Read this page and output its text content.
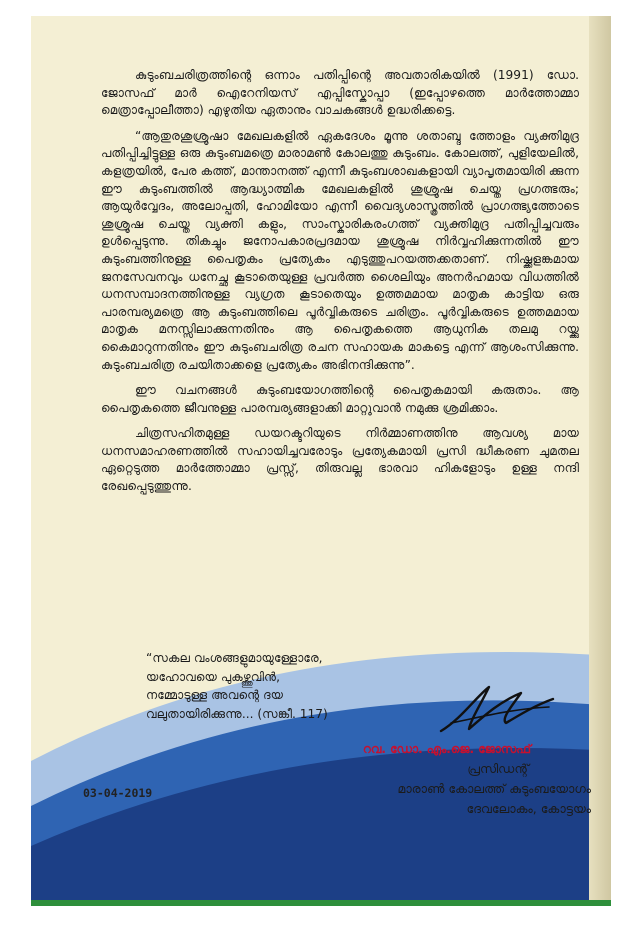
കുടുംബചരിത്രത്തിന്റെ ഒന്നാം പതിപ്പിന്റെ അവതാരികയിൽ (1991) ഡോ. ജോസഫ് മാർ ഐറേനിയസ് എപ്പിസ്കോപ്പാ (ഇപ്പോഴത്തെ മാർത്തോമ്മാ മെത്രാപ്പോലീത്താ) എഴുതിയ ഏതാനും വാചകങ്ങൾ ഉദ്ധരിക്കട്ടെ.

“ആതുരശുശ്രൂഷാ മേഖലകളിൽ ഏകദേശം മൂന്നു ശതാബ്ദ ത്തോളം വ്യക്തിമുദ്ര പതിപ്പിച്ചിട്ടുള്ള ഒരു കുടുംബമത്രെ മാരാമൺ കോലത്തു കുടുംബം. കോലത്ത്, പുളിയേലിൽ, കളത്രയിൽ, പേര കത്ത്, മാന്താനത്ത് എന്നീ കുടുംബശാഖകളായി വ്യാപൃതമായിരി ക്കുന്ന ഈ കുടുംബത്തിൽ ആദ്ധ്യാത്മിക മേഖലകളിൽ ശുശ്രൂഷ ചെയ്ത പ്രഗത്ഭരും; ആയുർവ്വേദം, അലോപ്പതി, ഹോമിയോ എന്നീ വൈദ്യശാസ്ത്രത്തിൽ പ്രാഗത്ഭ്യത്തോടെ ശുശ്രൂഷ ചെയ്ത വ്യക്തി കളും, സാംസ്കാരികരംഗത്ത് വ്യക്തിമുദ്ര പതിപ്പിച്ചവരും ഉൾപ്പെടുന്നു. തികച്ചും ജനോപകാരപ്രദമായ ശുശ്രൂഷ നിർവ്വഹിക്കുന്നതിൽ ഈ കുടുംബത്തിനുള്ള പൈതൃകം പ്രത്യേകം എടുത്തുപറയത്തക്കതാണ്. നിഷ്ക്കളങ്കമായ ജനസേവനവും ധനേച്ഛ കൂടാതെയുള്ള പ്രവർത്ത ശൈലിയും അനർഹമായ വിധത്തിൽ ധനസമ്പാദനത്തിനുള്ള വ്യഗ്രത കൂടാതെയും ഉത്തമമായ മാതൃക കാട്ടിയ ഒരു പാരമ്പര്യമത്രെ ആ കുടുംബത്തിലെ പൂർവ്വികരുടെ ചരിത്രം. പൂർവ്വികരുടെ ഉത്തമമായ മാതൃക മനസ്സിലാക്കുന്നതിനും ആ പൈതൃകത്തെ ആധുനിക തലമു റയ്ക്കു കൈമാറുന്നതിനും ഈ കുടുംബചരിത്ര രചന സഹായക മാകട്ടെ എന്ന് ആശംസിക്കുന്നു. കുടുംബചരിത്ര രചയിതാക്കളെ പ്രത്യേകം അഭിനന്ദിക്കുന്നു”.

ഈ വചനങ്ങൾ കുടുംബയോഗത്തിന്റെ പൈതൃകമായി കരുതാം. ആ പൈതൃകത്തെ ജീവനുള്ള പാരമ്പര്യങ്ങളാക്കി മാറ്റുവാൻ നമുക്കു ശ്രമിക്കാം.

ചിത്രസഹിതമുള്ള ഡയറക്ടറിയുടെ നിർമ്മാണത്തിനു ആവശ്യ മായ ധനസമാഹരണത്തിൽ സഹായിച്ചവരോടും പ്രത്യേകമായി പ്രസി ദ്ധീകരണ ചുമതല ഏറ്റെടുത്ത മാർത്തോമ്മാ പ്രസ്സ്, തിരുവല്ല ഭാരവാ ഹികളോടും ഉള്ള നന്ദി രേഖപ്പെടുത്തുന്നു.

“സകല വംശങ്ങളുമായുള്ളോരേ,
യഹോവയെ പുകഴ്ത്തുവിൻ,
നമ്മോടുള്ള അവന്റെ ദയ
വലുതായിരിക്കുന്നു... (സങ്കീ. 117)
റവ. ഡോ. എം.ജെ. ജോസഫ്
പ്രസിഡന്റ്
മാരാൺ കോലത്ത് കുടുംബയോഗം
ദേവലോകം, കോട്ടയം
03-04-2019
